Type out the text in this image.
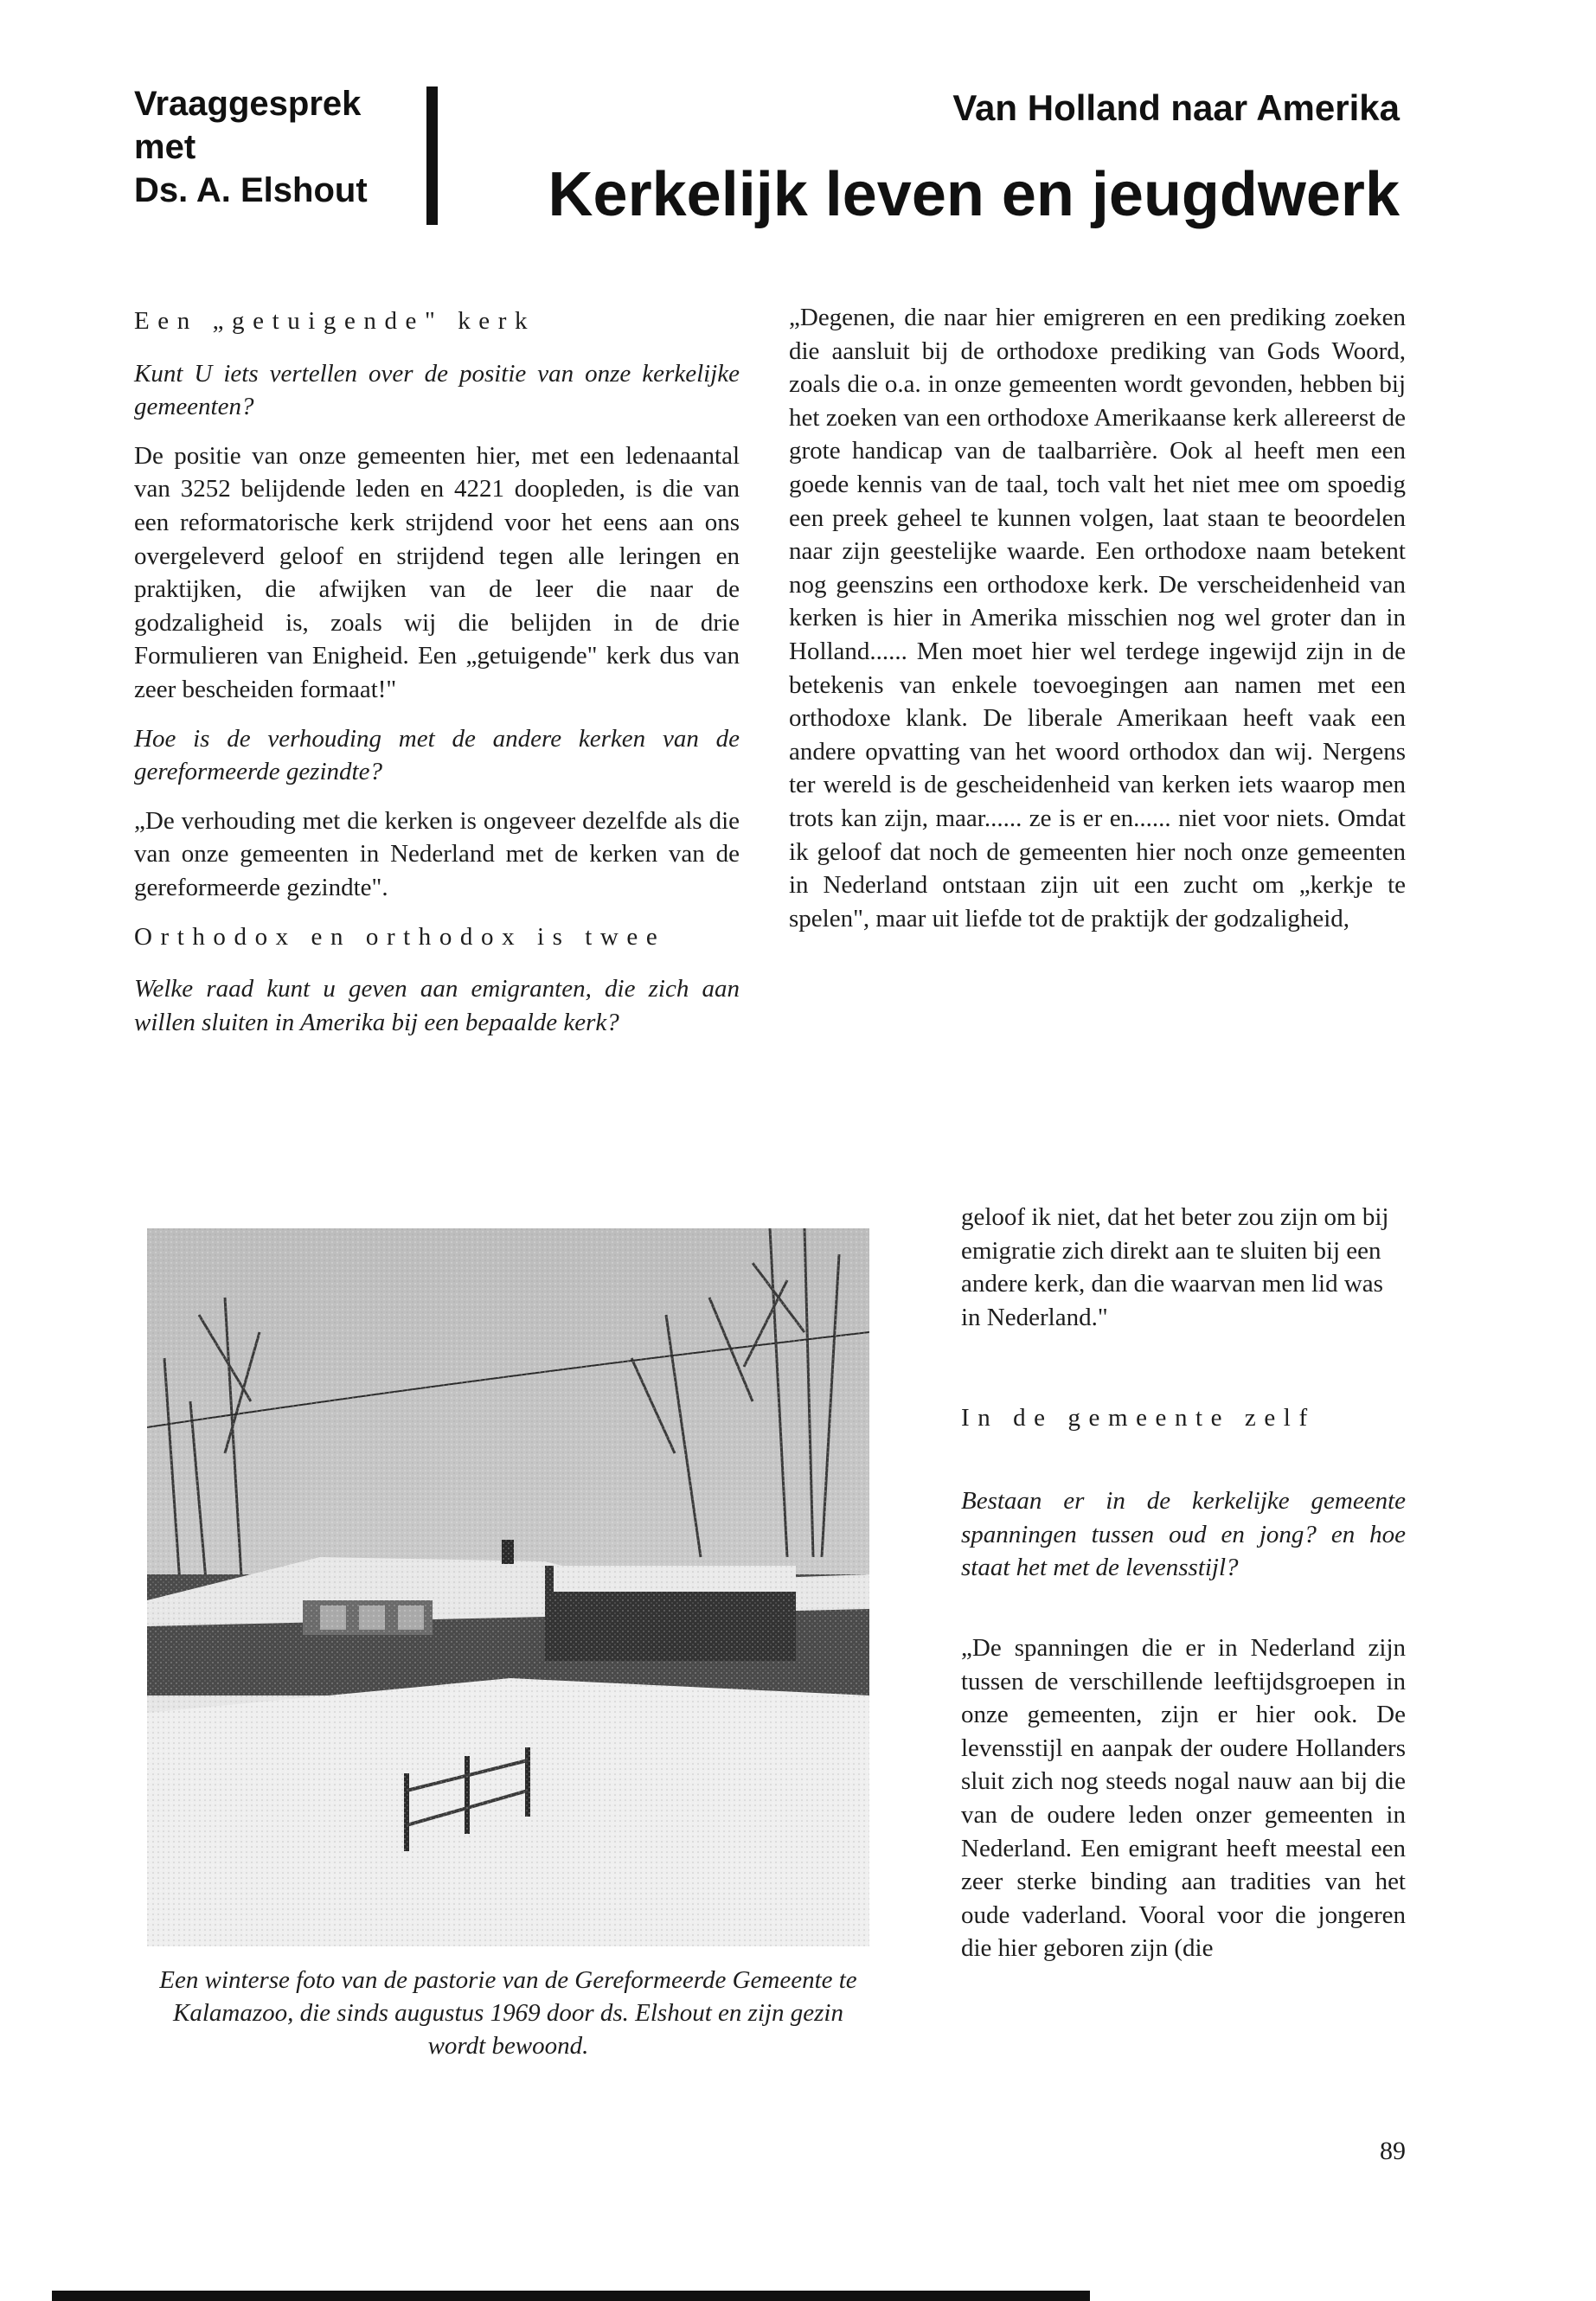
Vraaggesprek
met
Ds. A. Elshout
Van Holland naar Amerika
Kerkelijk leven en jeugdwerk
Een „getuigende" kerk
Kunt U iets vertellen over de positie van onze kerkelijke gemeenten?
De positie van onze gemeenten hier, met een ledenaantal van 3252 belijdende leden en 4221 doopleden, is die van een reformatorische kerk strijdend voor het eens aan ons overgeleverd geloof en strijdend tegen alle leringen en praktijken, die afwijken van de leer die naar de godzaligheid is, zoals wij die belijden in de drie Formulieren van Enigheid. Een „getuigende" kerk dus van zeer bescheiden formaat!"
Hoe is de verhouding met de andere kerken van de gereformeerde gezindte?
„De verhouding met die kerken is ongeveer dezelfde als die van onze gemeenten in Nederland met de kerken van de gereformeerde gezindte".
Orthodox en orthodox is twee
Welke raad kunt u geven aan emigranten, die zich aan willen sluiten in Amerika bij een bepaalde kerk?
„Degenen, die naar hier emigreren en een prediking zoeken die aansluit bij de orthodoxe prediking van Gods Woord, zoals die o.a. in onze gemeenten wordt gevonden, hebben bij het zoeken van een orthodoxe Amerikaanse kerk allereerst de grote handicap van de taalbarrière. Ook al heeft men een goede kennis van de taal, toch valt het niet mee om spoedig een preek geheel te kunnen volgen, laat staan te beoordelen naar zijn geestelijke waarde. Een orthodoxe naam betekent nog geenszins een orthodoxe kerk. De verscheidenheid van kerken is hier in Amerika misschien nog wel groter dan in Holland...... Men moet hier wel terdege ingewijd zijn in de betekenis van enkele toevoegingen aan namen met een orthodoxe klank. De liberale Amerikaan heeft vaak een andere opvatting van het woord orthodox dan wij. Nergens ter wereld is de gescheidenheid van kerken iets waarop men trots kan zijn, maar...... ze is er en...... niet voor niets. Omdat ik geloof dat noch de gemeenten hier noch onze gemeenten in Nederland ontstaan zijn uit een zucht om „kerkje te spelen", maar uit liefde tot de praktijk der godzaligheid,
geloof ik niet, dat het beter zou zijn om bij emigratie zich direkt aan te sluiten bij een andere kerk, dan die waarvan men lid was in Nederland."
In de gemeente zelf
Bestaan er in de kerkelijke gemeente spanningen tussen oud en jong? en hoe staat het met de levensstijl?
„De spanningen die er in Nederland zijn tussen de verschillende leeftijdsgroepen in onze gemeenten, zijn er hier ook. De levensstijl en aanpak der oudere Hollanders sluit zich nog steeds nogal nauw aan bij die van de oudere leden onzer gemeenten in Nederland. Een emigrant heeft meestal een zeer sterke binding aan tradities van het oude vaderland. Vooral voor die jongeren die hier geboren zijn (die
Een winterse foto van de pastorie van de Gereformeerde Gemeente te Kalamazoo, die sinds augustus 1969 door ds. Elshout en zijn gezin wordt bewoond.
89
